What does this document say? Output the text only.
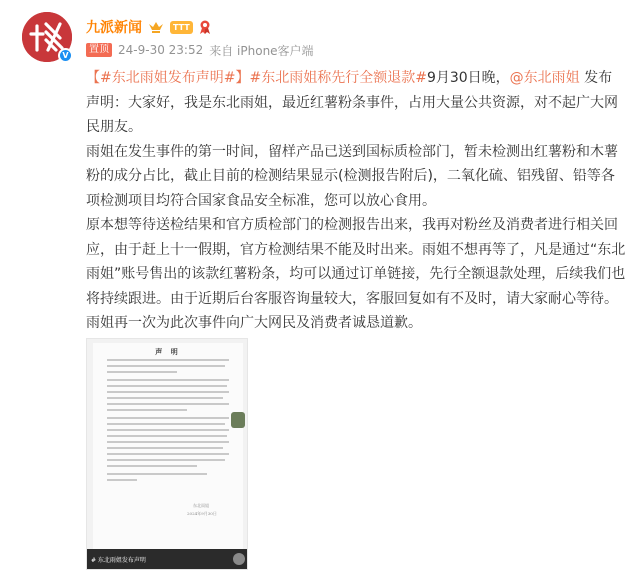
V
九派新闻	TTT
置顶 24-9-30 23:52 来自 iPhone客户端

【#东北雨姐发布声明#】#东北雨姐称先行全额退款#9月30日晚，@东北雨姐 发布声明：大家好，我是东北雨姐，最近红薯粉条事件，占用大量公共资源，对不起广大网民朋友。

雨姐在发生事件的第一时间，留样产品已送到国标质检部门，暂未检测出红薯粉和木薯粉的成分占比，截止目前的检测结果显示(检测报告附后)，二氧化硫、铝残留、铅等各项检测项目均符合国家食品安全标准，您可以放心食用。

原本想等待送检结果和官方质检部门的检测报告出来，我再对粉丝及消费者进行相关回应，由于赶上十一假期，官方检测结果不能及时出来。雨姐不想再等了，凡是通过“东北雨姐”账号售出的该款红薯粉条，均可以通过订单链接，先行全额退款处理，后续我们也将持续跟进。由于近期后台客服咨询量较大，客服回复如有不及时，请大家耐心等待。雨姐再一次为此次事件向广大网民及消费者诚恳道歉。

声 明
东北雨姐
2024年9月30日
# 东北雨姐发布声明
